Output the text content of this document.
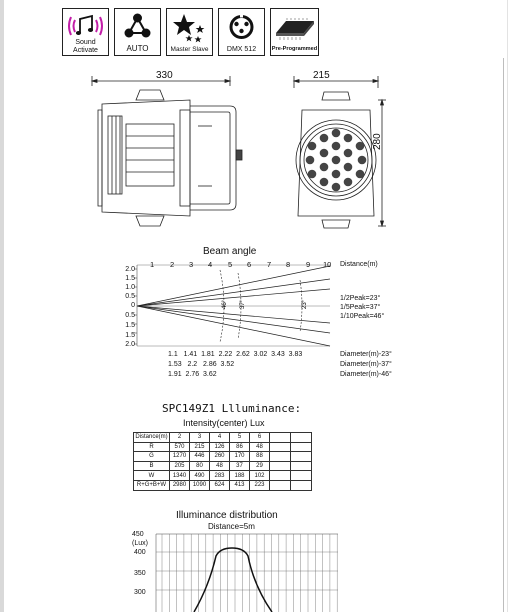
Sound Activate	AUTO	Master Slave	DMX 512	Pre-Programmed
330	215
280
Beam angle
46° 37°	23°
1 2 3 4 5 6 7 8 9 10 Distance(m)
2.0
1.5
1.0
0.5
0
0.5
1.5
1.5
2.0
1/2Peak=23°
1/5Peak=37°
1/10Peak=46°
1.1   1.41  1.81  2.22  2.62  3.02  3.43  3.83
1.53   2.2   2.86  3.52
1.91  2.76  3.62
Diameter(m)-23°
Diameter(m)-37°
Diameter(m)-46°
SPC149Z1 Llluminance:
Intensity(center) Lux
Distance(m)	2	3	4	5	6		
R	570	215	126	86	48		
G	1270	446	260	170	88		
B	205	80	48	37	29		
W	1340	490	283	188	102		
R+G+B+W	2980	1090	624	413	223		
Illuminance distribution
Distance=5m
450
(Lux)
400
350
300
